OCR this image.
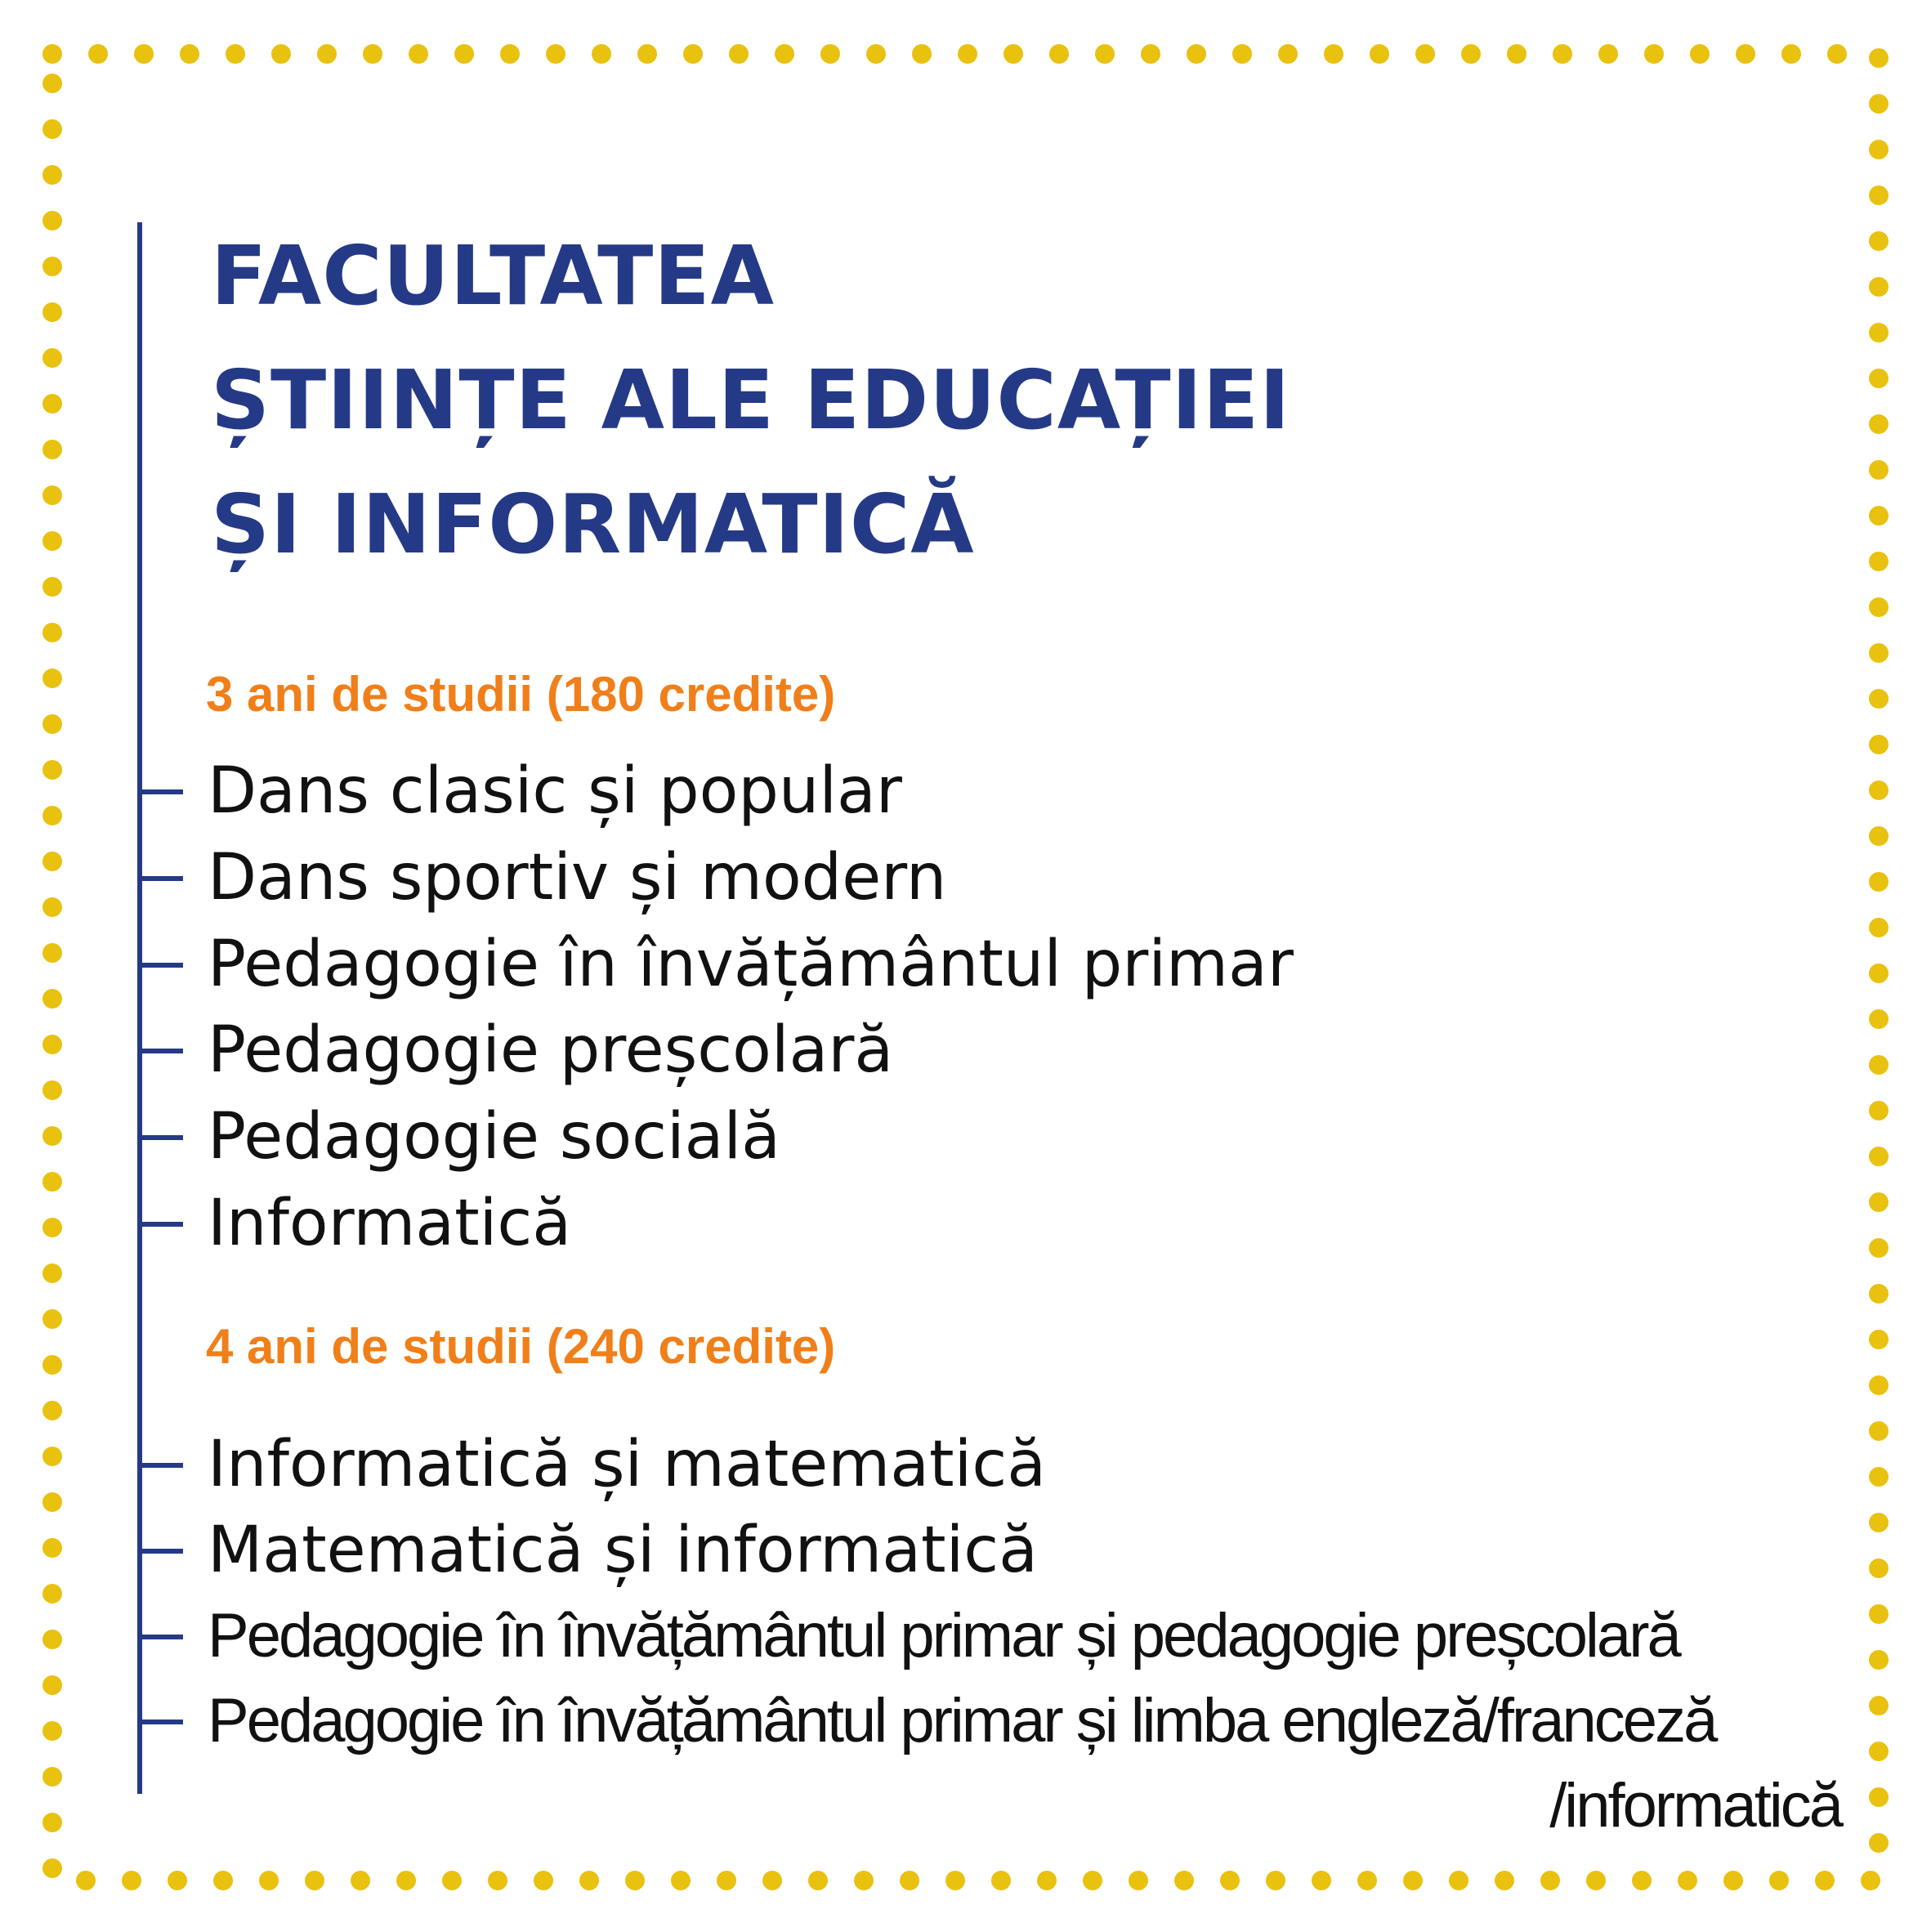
FACULTATEA
ȘTIINȚE ALE EDUCAȚIEI
ȘI INFORMATICĂ
3 ani de studii (180 credite)
Dans clasic și popular
Dans sportiv și modern
Pedagogie în învățământul primar
Pedagogie preșcolară
Pedagogie socială
Informatică
4 ani de studii (240 credite)
Informatică și matematică
Matematică și informatică
Pedagogie în învățământul primar și pedagogie preșcolară
Pedagogie în învățământul primar și limba engleză/franceză
/informatică
